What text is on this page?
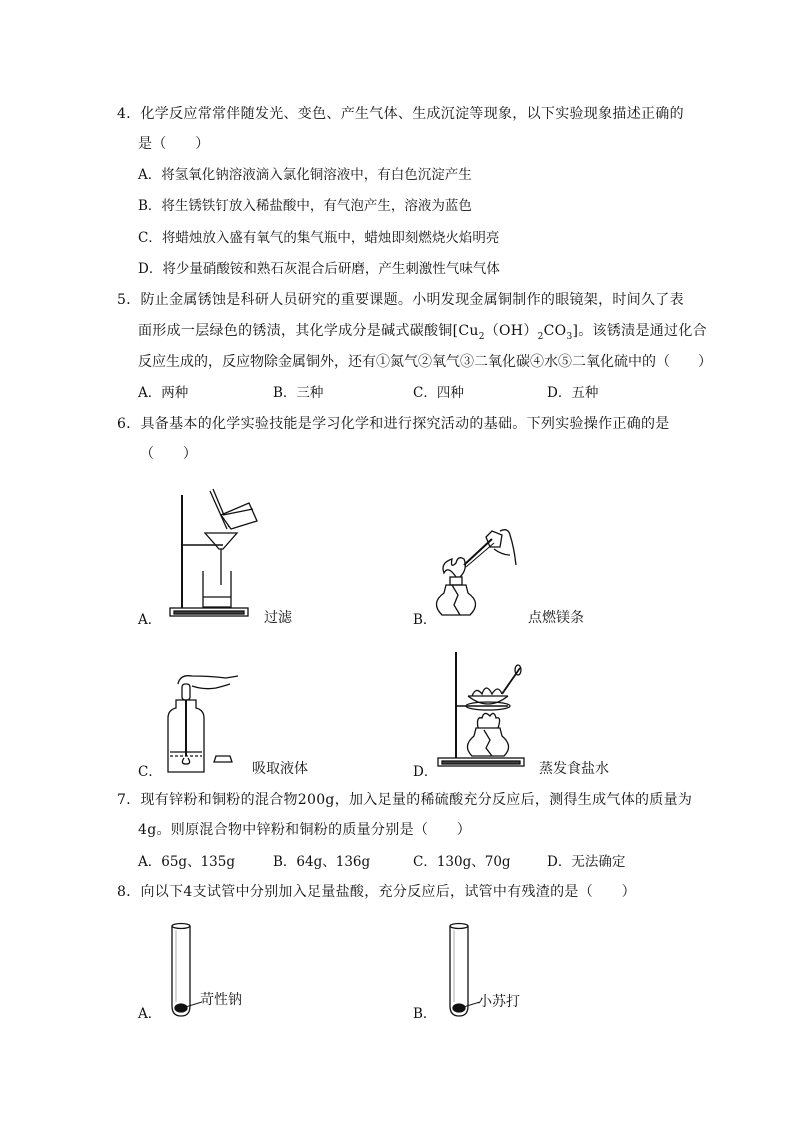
4．化学反应常常伴随发光、变色、产生气体、生成沉淀等现象，以下实验现象描述正确的
是（　　）
A．将氢氧化钠溶液滴入氯化铜溶液中，有白色沉淀产生
B．将生锈铁钉放入稀盐酸中，有气泡产生，溶液为蓝色
C．将蜡烛放入盛有氧气的集气瓶中，蜡烛即刻燃烧火焰明亮
D．将少量硝酸铵和熟石灰混合后研磨，产生刺激性气味气体
5．防止金属锈蚀是科研人员研究的重要课题。小明发现金属铜制作的眼镜架，时间久了表
面形成一层绿色的锈渍，其化学成分是碱式碳酸铜$[Cu_2(OH)_2CO_3]$。该锈渍是通过化合
反应生成的，反应物除金属铜外，还有①氮气②氧气③二氧化碳④水⑤二氧化硫中的（　　）
A．两种	B．三种	C．四种	D．五种
6．具备基本的化学实验技能是学习化学和进行探究活动的基础。下列实验操作正确的是
（　　）
A．	过滤	B．	点燃镁条
C．	吸取液体	D．	蒸发食盐水
7．现有锌粉和铜粉的混合物200g，加入足量的稀硫酸充分反应后，测得生成气体的质量为
4g。则原混合物中锌粉和铜粉的质量分别是（　　）
A．65g、135g	B．64g、136g	C．130g、70g	D．无法确定
8．向以下4支试管中分别加入足量盐酸，充分反应后，试管中有残渣的是（　　）
A．
苛性钠
B．
小苏打
